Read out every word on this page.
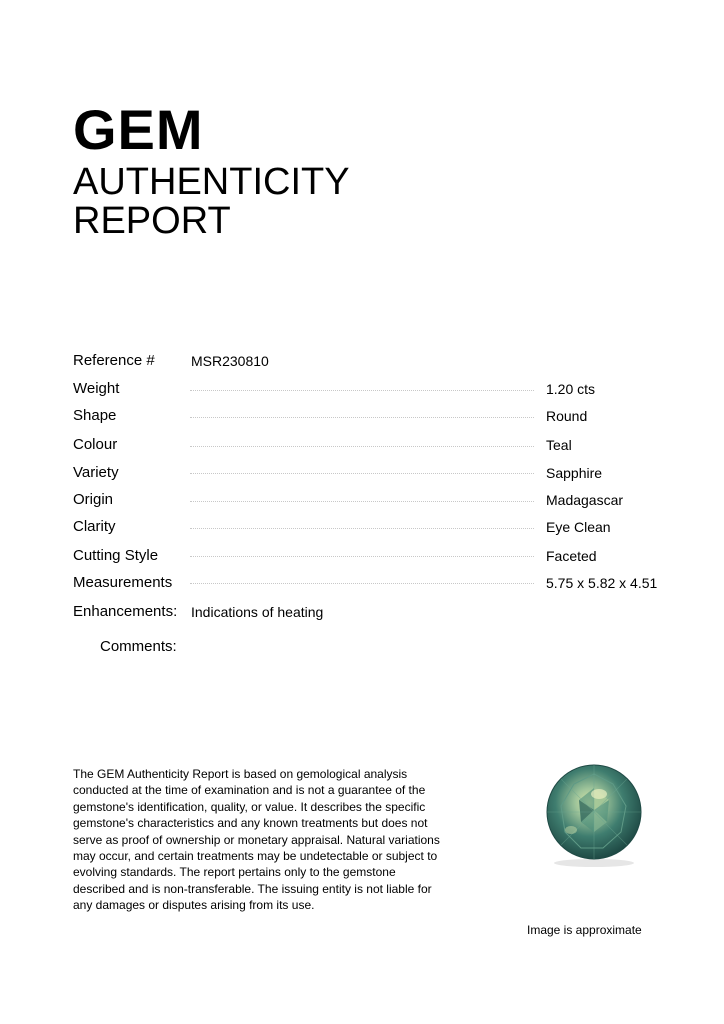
GEM
AUTHENTICITY
REPORT
Reference #	MSR230810
Weight	1.20 cts
Shape	Round
Colour	Teal
Variety	Sapphire
Origin	Madagascar
Clarity	Eye Clean
Cutting Style	Faceted
Measurements	5.75 x 5.82 x 4.51
Enhancements: Indications of heating
Comments:
The GEM Authenticity Report is based on gemological analysis conducted at the time of examination and is not a guarantee of the gemstone's identification, quality, or value. It describes the specific gemstone's characteristics and any known treatments but does not serve as proof of ownership or monetary appraisal. Natural variations may occur, and certain treatments may be undetectable or subject to evolving standards. The report pertains only to the gemstone described and is non-transferable. The issuing entity is not liable for any damages or disputes arising from its use.
Image is approximate
